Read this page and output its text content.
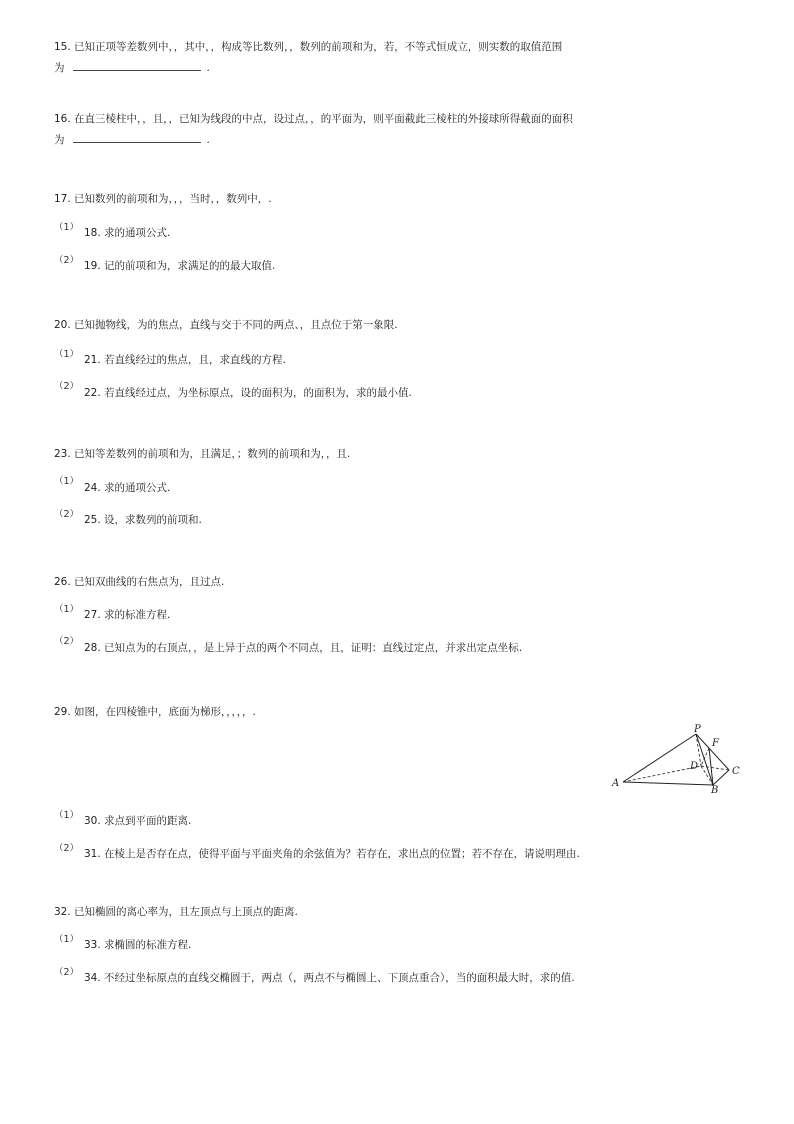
15. 已知正项等差数列中，，其中，，构成等比数列，，数列的前项和为，若，不等式恒成立，则实数的取值范围
为	.
16. 在直三棱柱中，，且，，已知为线段的中点，设过点，，的平面为，则平面截此三棱柱的外接球所得截面的面积
为	.
17. 已知数列的前项和为，，，当时，，数列中，.
（1） 18. 求的通项公式.
（2） 19. 记的前项和为，求满足的的最大取值.
20. 已知抛物线，为的焦点，直线与交于不同的两点、，且点位于第一象限.
（1） 21. 若直线经过的焦点，且，求直线的方程.
（2）
22. 若直线经过点，为坐标原点，设的面积为，的面积为，求的最小值.
23. 已知等差数列的前项和为，且满足，；数列的前项和为，，且.
（1）
24. 求的通项公式.
（2） 25. 设，求数列的前项和.
26. 已知双曲线的右焦点为，且过点.
（1） 27. 求的标准方程.
（2）
28. 已知点为的右顶点，，是上异于点的两个不同点，且，证明：直线过定点，并求出定点坐标.
29. 如图，在四棱锥中，底面为梯形，，，，，.
P
F
D	C
A
B
（1） 30. 求点到平面的距离.
（2） 31. 在棱上是否存在点，使得平面与平面夹角的余弦值为？若存在，求出点的位置；若不存在，请说明理由.
32. 已知椭圆的离心率为，且左顶点与上顶点的距离.
（1） 33. 求椭圆的标准方程.
（2） 34. 不经过坐标原点的直线交椭圆于，两点（，两点不与椭圆上、下顶点重合），当的面积最大时，求的值.
